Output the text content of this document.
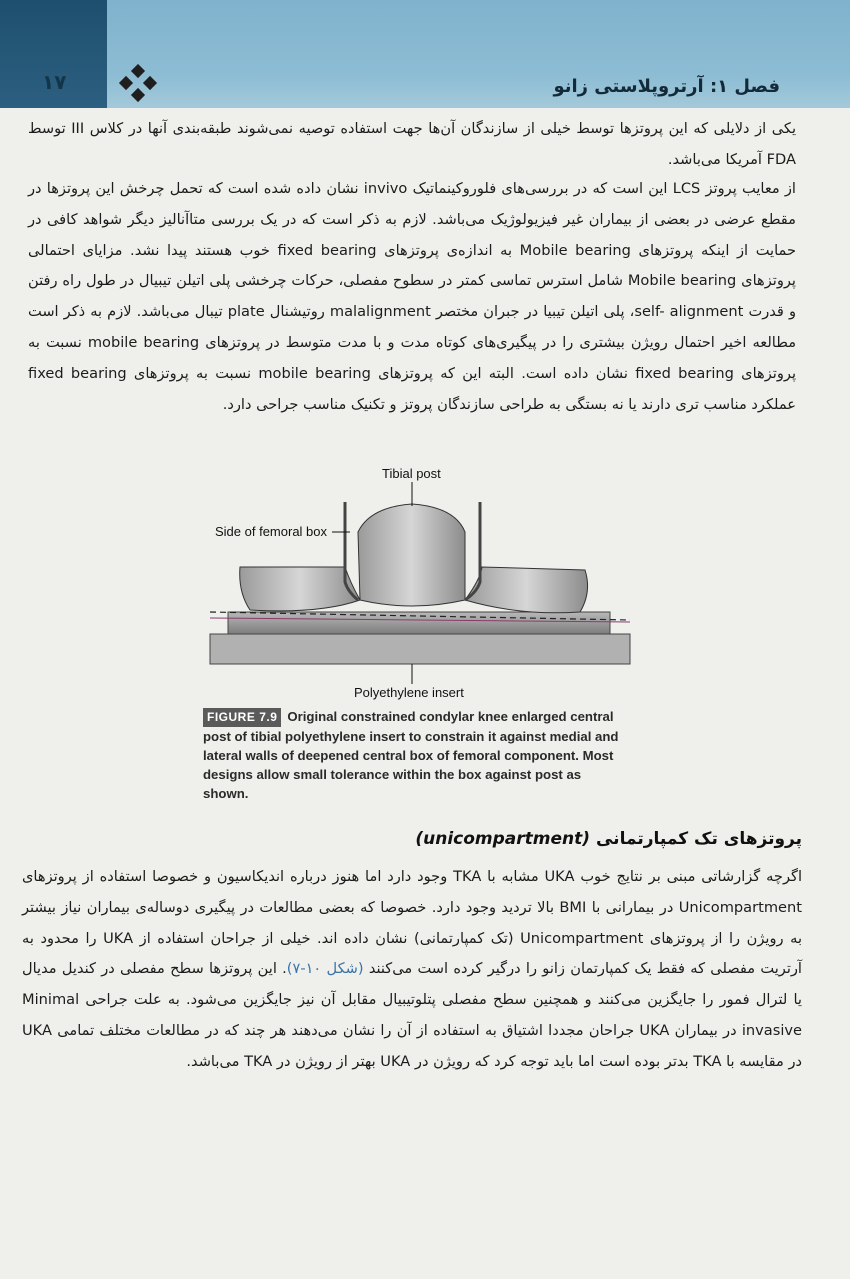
۱۷	فصل ۱: آرتروپلاستی زانو

یکی از دلایلی که این پروتزها توسط خیلی از سازندگان آن‌ها جهت استفاده توصیه نمی‌شوند طبقه‌بندی آنها در کلاس III توسط FDA آمریکا می‌باشد.

از معایب پروتز LCS این است که در بررسی‌های فلوروکینماتیک invivo نشان داده شده است که تحمل چرخش این پروتزها در مقطع عرضی در بعضی از بیماران غیر فیزیولوژیک می‌باشد. لازم به ذکر است که در یک بررسی متاآنالیز دیگر شواهد کافی در حمایت از اینکه پروتزهای Mobile bearing به اندازه‌ی پروتزهای fixed bearing خوب هستند پیدا نشد. مزایای احتمالی پروتزهای Mobile bearing شامل استرس تماسی کمتر در سطوح مفصلی، حرکات چرخشی پلی اتیلن تیبیال در طول راه رفتن و قدرت self- alignment، پلی اتیلن تیبیا در جبران مختصر malalignment روتیشنال plate تیبال می‌باشد. لازم به ذکر است مطالعه اخیر احتمال رویژن بیشتری را در پیگیری‌های کوتاه مدت و با مدت متوسط در پروتزهای mobile bearing نسبت به پروتزهای fixed bearing نشان داده است. البته این که پروتزهای mobile bearing نسبت به پروتزهای fixed bearing عملکرد مناسب تری دارند یا نه بستگی به طراحی سازندگان پروتز و تکنیک مناسب جراحی دارد.

Tibial post
Side of femoral box
Polyethylene insert
FIGURE 7.9 Original constrained condylar knee enlarged central post of tibial polyethylene insert to constrain it against medial and lateral walls of deepened central box of femoral component. Most designs allow small tolerance within the box against post as shown.
پروتزهای تک کمپارتمانی (unicompartment)

اگرچه گزارشاتی مبنی بر نتایج خوب UKA مشابه با TKA وجود دارد اما هنوز درباره اندیکاسیون و خصوصا استفاده از پروتزهای Unicompartment در بیمارانی با BMI بالا تردید وجود دارد. خصوصا که بعضی مطالعات در پیگیری دوساله‌ی بیماران نیاز بیشتر به رویژن را از پروتزهای Unicompartment (تک کمپارتمانی) نشان داده اند. خیلی از جراحان استفاده از UKA را محدود به آرتریت مفصلی که فقط یک کمپارتمان زانو را درگیر کرده است می‌کنند (شکل ۱۰-۷). این پروتزها سطح مفصلی در کندیل مدیال یا لترال فمور را جایگزین می‌کنند و همچنین سطح مفصلی پتلوتیبیال مقابل آن نیز جایگزین می‌شود. به علت جراحی Minimal invasive در بیماران UKA جراحان مجددا اشتیاق به استفاده از آن را نشان می‌دهند هر چند که در مطالعات مختلف تمامی UKA در مقایسه با TKA بدتر بوده است اما باید توجه کرد که رویژن در UKA بهتر از رویژن در TKA می‌باشد.
